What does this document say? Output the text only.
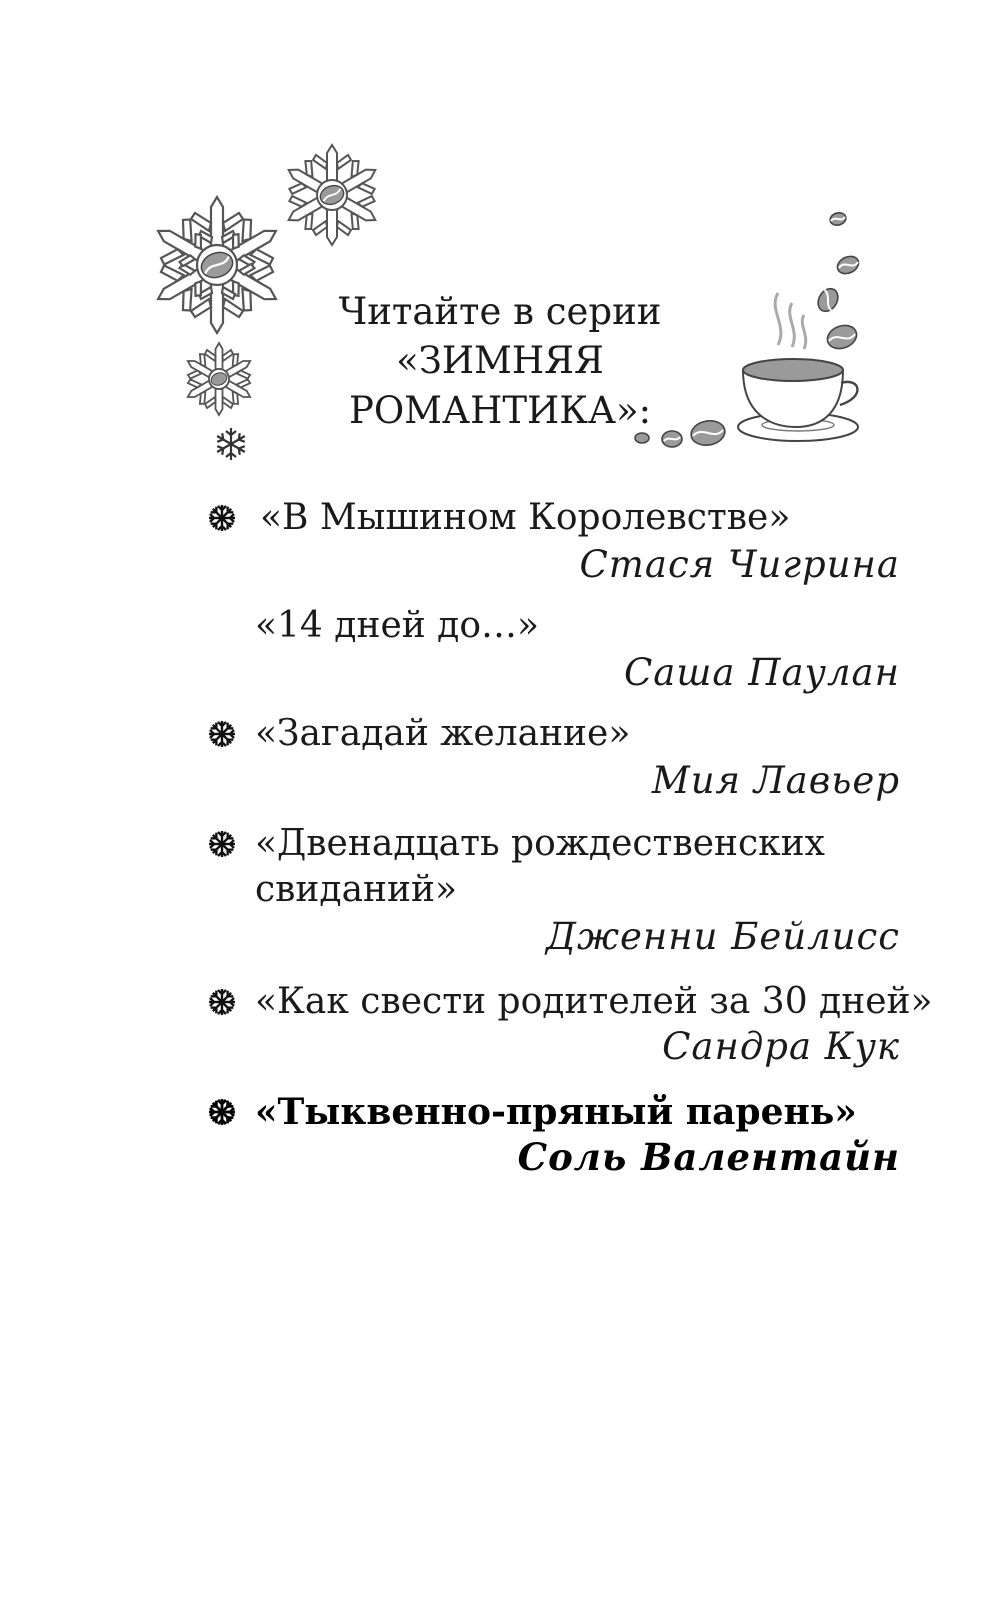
Читайте в серии
«ЗИМНЯЯ РОМАНТИКА»:
«В Мышином Королевстве»
Стася Чигрина
«14 дней до…»
Саша Паулан
«Загадай желание»
Мия Лавьер
«Двенадцать рождественских
свиданий»
Дженни Бейлисс
«Как свести родителей за 30 дней»
Сандра Кук
«Тыквенно-пряный парень»
Соль Валентайн
